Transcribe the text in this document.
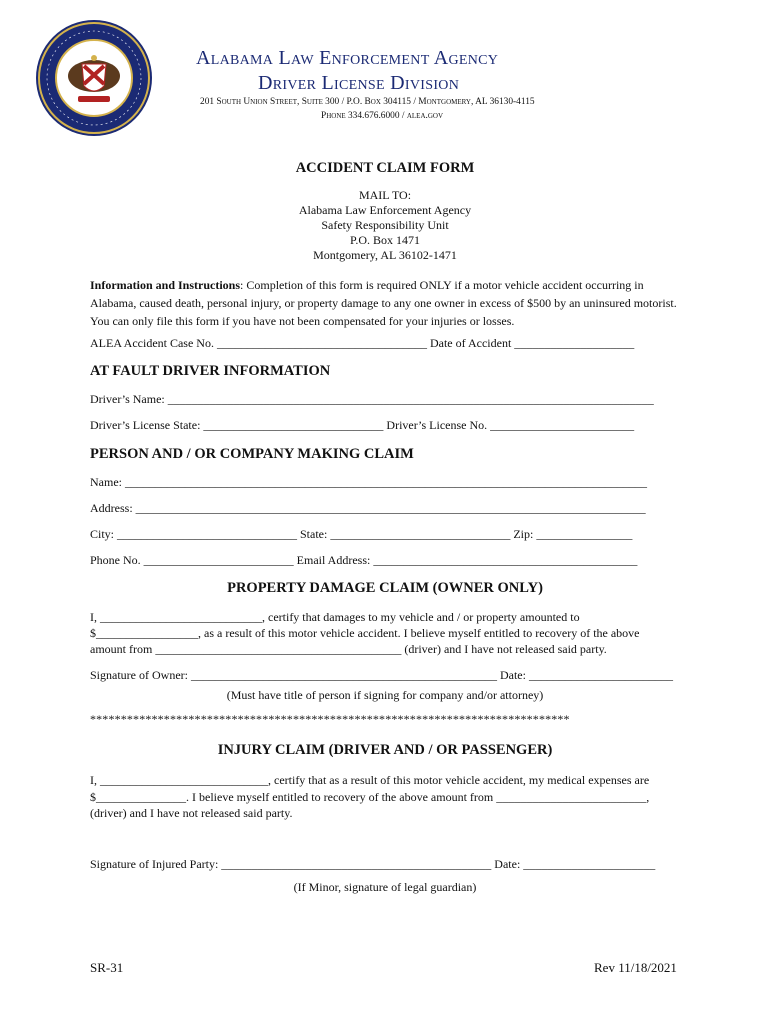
Alabama Law Enforcement Agency
Driver License Division
201 South Union Street, Suite 300 / P.O. Box 304115 / Montgomery, AL 36130-4115
Phone 334.676.6000 / alea.gov
ACCIDENT CLAIM FORM
MAIL TO:
Alabama Law Enforcement Agency
Safety Responsibility Unit
P.O. Box 1471
Montgomery, AL 36102-1471
Information and Instructions: Completion of this form is required ONLY if a motor vehicle accident occurring in Alabama, caused death, personal injury, or property damage to any one owner in excess of $500 by an uninsured motorist. You can only file this form if you have not been compensated for your injuries or losses.
ALEA Accident Case No. ___________________________________ Date of Accident ____________________
AT FAULT DRIVER INFORMATION
Driver’s Name: _________________________________________________________________________________
Driver’s License State: ______________________________ Driver’s License No. ________________________
PERSON AND / OR COMPANY MAKING CLAIM
Name: _______________________________________________________________________________________
Address: _____________________________________________________________________________________
City: ______________________________ State: ______________________________ Zip: ________________
Phone No. _________________________ Email Address: ____________________________________________
PROPERTY DAMAGE CLAIM (OWNER ONLY)
I, ___________________________, certify that damages to my vehicle and / or property amounted to
$_________________, as a result of this motor vehicle accident. I believe myself entitled to recovery of the above
amount from _________________________________________ (driver) and I have not released said party.
Signature of Owner: ___________________________________________________ Date: ________________________
(Must have title of person if signing for company and/or attorney)
******************************************************************************
INJURY CLAIM (DRIVER AND / OR PASSENGER)
I, ____________________________, certify that as a result of this motor vehicle accident, my medical expenses are
$_______________. I believe myself entitled to recovery of the above amount from _________________________,
(driver) and I have not released said party.
Signature of Injured Party: _____________________________________________ Date: ______________________
(If Minor, signature of legal guardian)
SR-31	Rev 11/18/2021
